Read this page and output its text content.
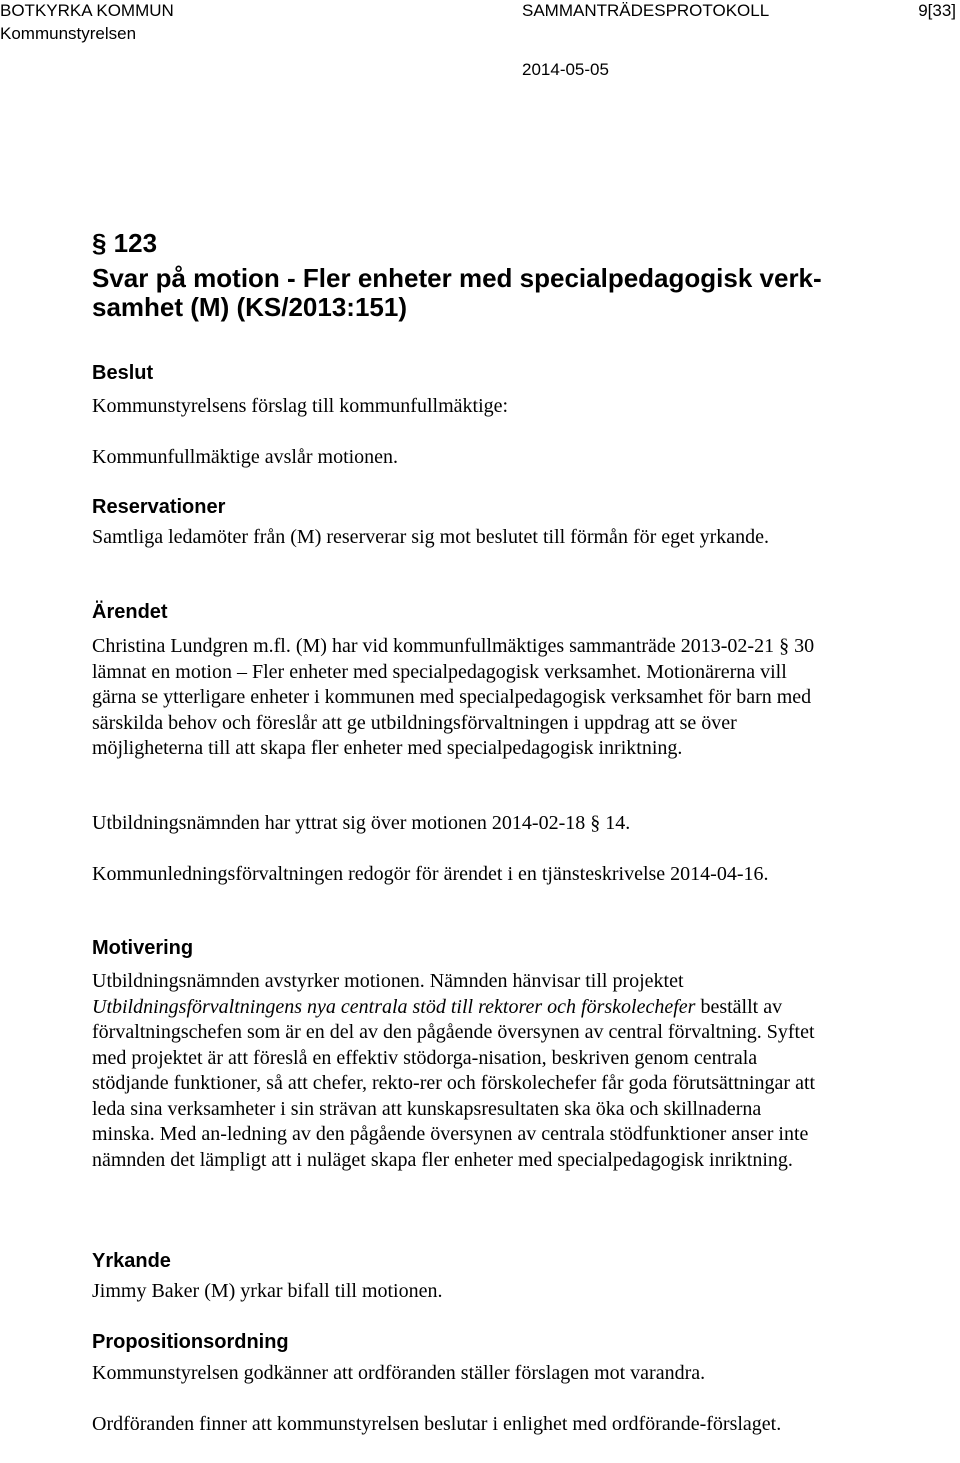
BOTKYRKA KOMMUN
Kommunstyrelsen
SAMMANTRÄDESPROTOKOLL	9[33]
2014-05-05
§ 123
Svar på motion - Fler enheter med specialpedagogisk verk-
samhet (M) (KS/2013:151)
Beslut
Kommunstyrelsens förslag till kommunfullmäktige:
Kommunfullmäktige avslår motionen.
Reservationer
Samtliga ledamöter från (M) reserverar sig mot beslutet till förmån för eget yrkande.
Ärendet
Christina Lundgren m.fl. (M) har vid kommunfullmäktiges sammanträde 2013-02-21 § 30 lämnat en motion – Fler enheter med specialpedagogisk verksamhet. Motionärerna vill gärna se ytterligare enheter i kommunen med specialpedagogisk verksamhet för barn med särskilda behov och föreslår att ge utbildningsförvaltningen i uppdrag att se över möjligheterna till att skapa fler enheter med specialpedagogisk inriktning.
Utbildningsnämnden har yttrat sig över motionen 2014-02-18 § 14.
Kommunledningsförvaltningen redogör för ärendet i en tjänsteskrivelse 2014-04-16.
Motivering

Utbildningsnämnden avstyrker motionen. Nämnden hänvisar till projektet Utbildningsförvaltningens nya centrala stöd till rektorer och förskolechefer beställt av förvaltningschefen som är en del av den pågående översynen av central förvaltning. Syftet med projektet är att föreslå en effektiv stödorga-nisation, beskriven genom centrala stödjande funktioner, så att chefer, rekto-rer och förskolechefer får goda förutsättningar att leda sina verksamheter i sin strävan att kunskapsresultaten ska öka och skillnaderna minska. Med an-ledning av den pågående översynen av centrala stödfunktioner anser inte nämnden det lämpligt att i nuläget skapa fler enheter med specialpedagogisk inriktning.

Yrkande
Jimmy Baker (M) yrkar bifall till motionen.
Propositionsordning
Kommunstyrelsen godkänner att ordföranden ställer förslagen mot varandra.
Ordföranden finner att kommunstyrelsen beslutar i enlighet med ordförande-förslaget.
